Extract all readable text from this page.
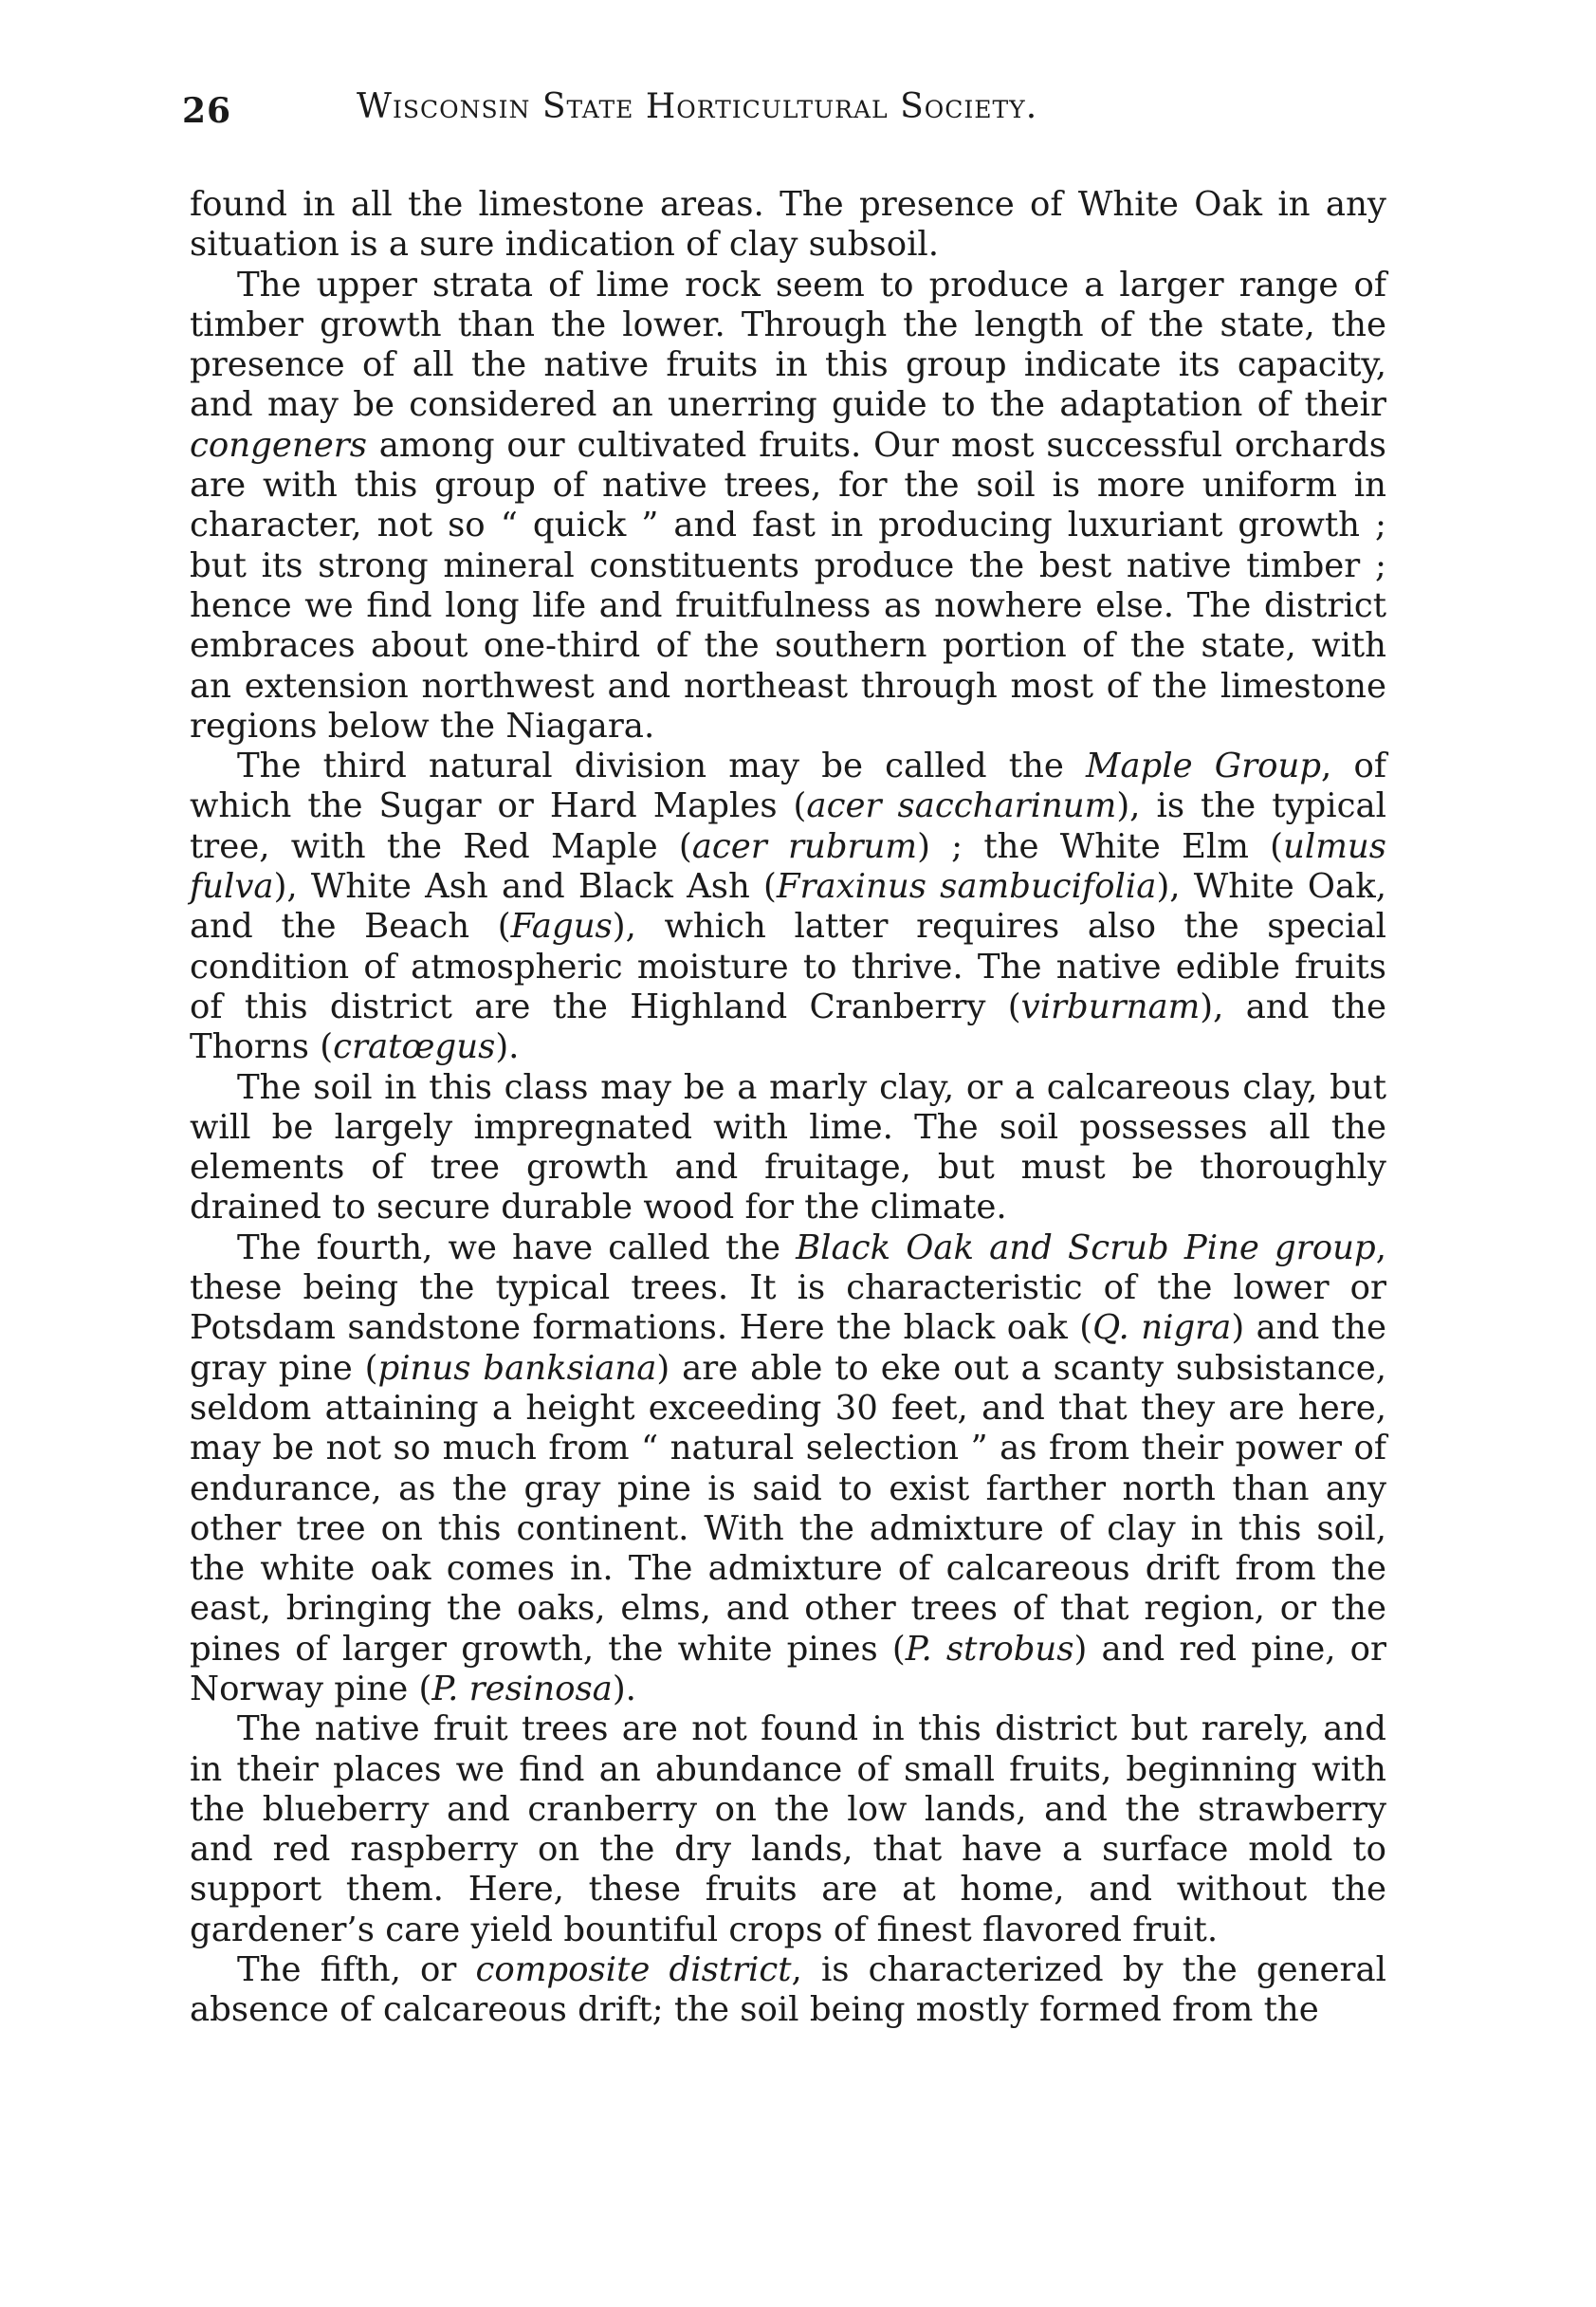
26	Wisconsin State Horticultural Society.

found in all the limestone areas. The presence of White Oak in any situation is a sure indication of clay subsoil.

The upper strata of lime rock seem to produce a larger range of timber growth than the lower. Through the length of the state, the presence of all the native fruits in this group indicate its capacity, and may be considered an unerring guide to the adaptation of their congeners among our cultivated fruits. Our most successful orchards are with this group of native trees, for the soil is more uniform in character, not so “ quick ” and fast in producing luxuriant growth ; but its strong mineral constituents produce the best native timber ; hence we find long life and fruitfulness as nowhere else. The district embraces about one-third of the southern portion of the state, with an extension northwest and northeast through most of the limestone regions below the Niagara.

The third natural division may be called the Maple Group, of which the Sugar or Hard Maples (acer saccharinum), is the typical tree, with the Red Maple (acer rubrum) ; the White Elm (ulmus fulva), White Ash and Black Ash (Fraxinus sambucifolia), White Oak, and the Beach (Fagus), which latter requires also the special condition of atmospheric moisture to thrive. The native edible fruits of this district are the Highland Cranberry (virburnam), and the Thorns (cratœgus).

The soil in this class may be a marly clay, or a calcareous clay, but will be largely impregnated with lime. The soil possesses all the elements of tree growth and fruitage, but must be thoroughly drained to secure durable wood for the climate.

The fourth, we have called the Black Oak and Scrub Pine group, these being the typical trees. It is characteristic of the lower or Potsdam sandstone formations. Here the black oak (Q. nigra) and the gray pine (pinus banksiana) are able to eke out a scanty subsistance, seldom attaining a height exceeding 30 feet, and that they are here, may be not so much from “ natural selection ” as from their power of endurance, as the gray pine is said to exist farther north than any other tree on this continent. With the admixture of clay in this soil, the white oak comes in. The admixture of calcareous drift from the east, bringing the oaks, elms, and other trees of that region, or the pines of larger growth, the white pines (P. strobus) and red pine, or Norway pine (P. resinosa).

The native fruit trees are not found in this district but rarely, and in their places we find an abundance of small fruits, beginning with the blueberry and cranberry on the low lands, and the strawberry and red raspberry on the dry lands, that have a surface mold to support them. Here, these fruits are at home, and without the gardener’s care yield bountiful crops of finest flavored fruit.

The fifth, or composite district, is characterized by the general absence of calcareous drift; the soil being mostly formed from the
